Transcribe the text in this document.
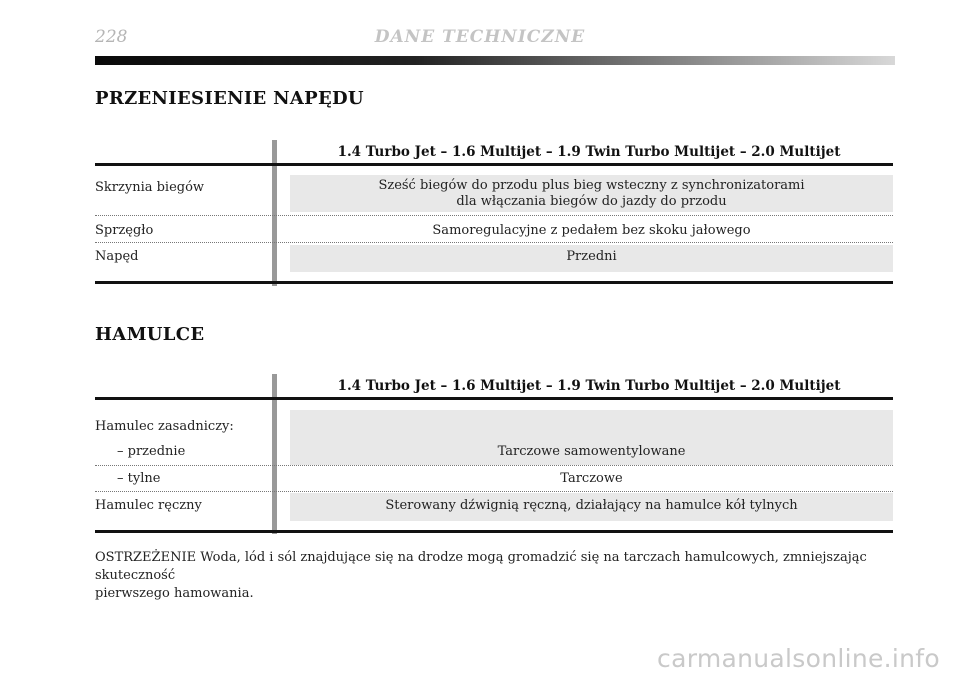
228	DANE TECHNICZNE
PRZENIESIENIE NAPĘDU
1.4 Turbo Jet – 1.6 Multijet – 1.9 Twin Turbo Multijet – 2.0 Multijet
Skrzynia biegów	Sześć biegów do przodu plus bieg wsteczny z synchronizatorami
dla włączania biegów do jazdy do przodu
Sprzęgło	Samoregulacyjne z pedałem bez skoku jałowego
Napęd	Przedni
HAMULCE
1.4 Turbo Jet – 1.6 Multijet – 1.9 Twin Turbo Multijet – 2.0 Multijet
Hamulec zasadniczy:
– przednie	Tarczowe samowentylowane
– tylne	Tarczowe
Hamulec ręczny	Sterowany dźwignią ręczną, działający na hamulce kół tylnych
OSTRZEŻENIE Woda, lód i sól znajdujące się na drodze mogą gromadzić się na tarczach hamulcowych, zmniejszając skuteczność
pierwszego hamowania.
carmanualsonline.info
